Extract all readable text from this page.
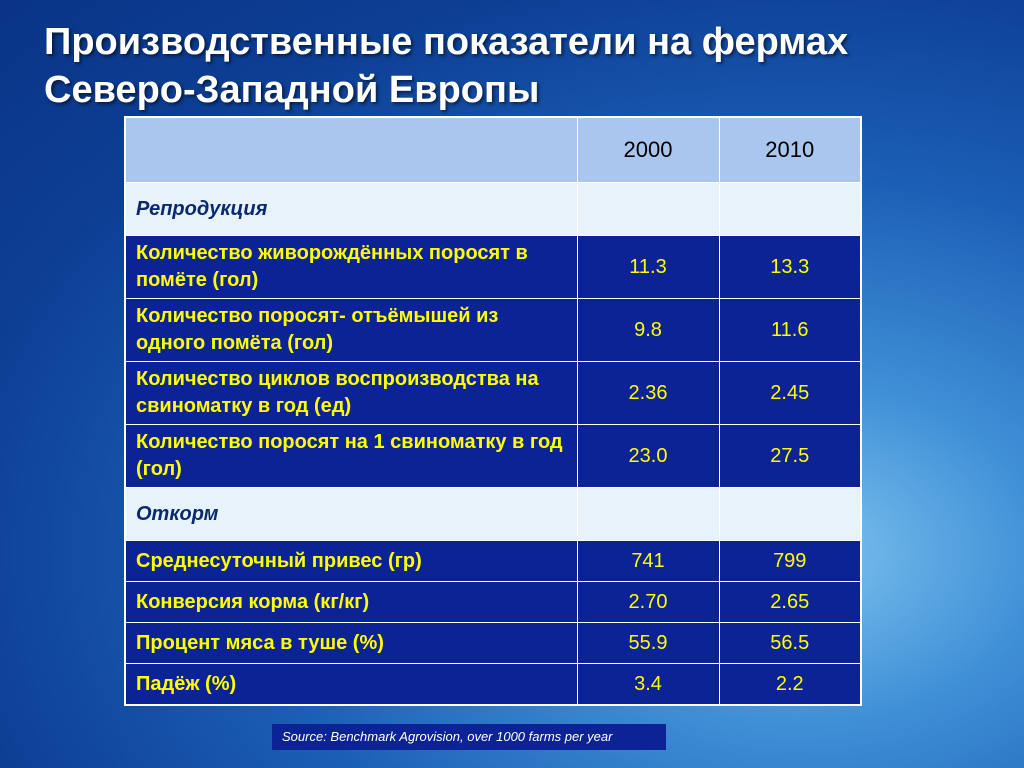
Производственные показатели на фермах
Северо-Западной Европы
	2000	2010
Репродукция		
Количество живорождённых поросят в помёте (гол)	11.3	13.3
Количество поросят- отъёмышей из одного помёта (гол)	9.8	11.6
Количество циклов воспроизводства на свиноматку в год (ед)	2.36	2.45
Количество поросят на 1 свиноматку в год (гол)	23.0	27.5
Откорм		
Среднесуточный привес (гр)	741	799
Конверсия корма (кг/кг)	2.70	2.65
Процент мяса в туше (%)	55.9	56.5
Падёж (%)	3.4	2.2
Source: Benchmark Agrovision, over 1000 farms per year
